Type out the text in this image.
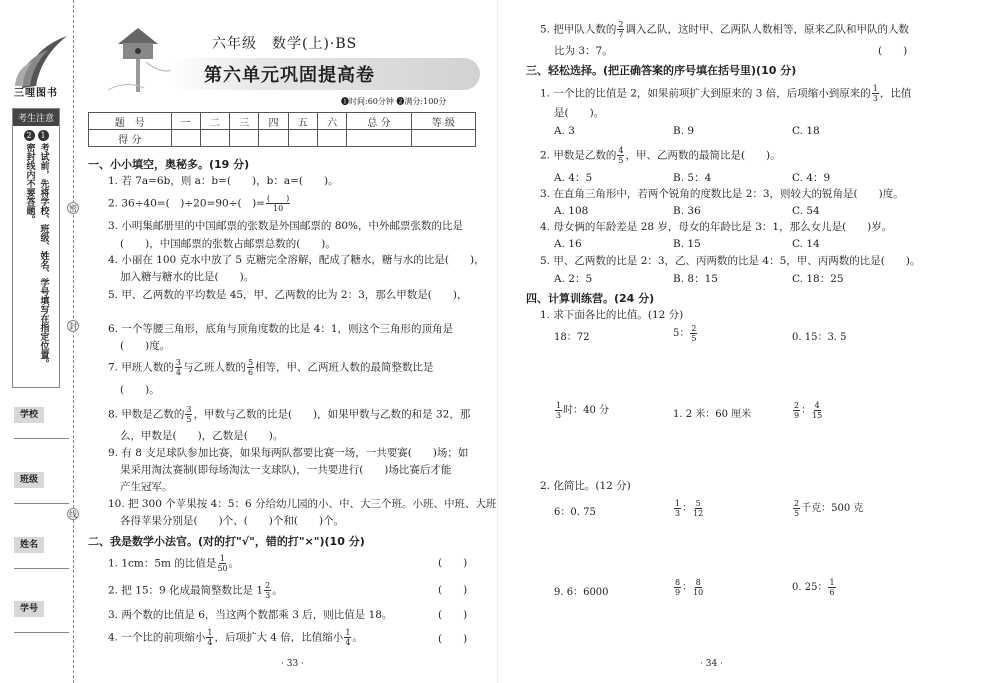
三哩图书
考生注意
1
考试前，先将学校、班级、姓名、学号填写在指定位置。
2
密封线内不要答题。	密
封
线
学校
班级
姓名
学号
六年级　数学(上)·BS
第六单元巩固提高卷
❶时间:60分钟 ❷满分:100分
题　号	一	二	三	四	五	六	总 分	等 级
得 分								
一、小小填空，奥秘多。(19 分)
1. 若 7a=6b，则 a：b=(　　)，b：a=(　　)。
2. 36÷40=(　)÷20=90÷(　)= $\frac{( )}{10}$
3. 小明集邮册里的中国邮票的张数是外国邮票的 80%，中外邮票张数的比是
(　　)，中国邮票的张数占邮票总数的(　　)。
4. 小丽在 100 克水中放了 5 克糖完全溶解，配成了糖水，糖与水的比是(　　)，
加入糖与糖水的比是(　　)。
5. 甲、乙两数的平均数是 45，甲、乙两数的比为 2：3，那么甲数是(　　)，
6. 一个等腰三角形，底角与顶角度数的比是 4：1，则这个三角形的顶角是
(　　)度。
7. 甲班人数的 $\frac{3}{4}$ 与乙班人数的 $\frac{5}{6}$ 相等，甲、乙两班人数的最简整数比是
(　　)。
8. 甲数是乙数的 $\frac{3}{5}$ ，甲数与乙数的比是(　　)，如果甲数与乙数的和是 32，那
么，甲数是(　　)，乙数是(　　)。
9. 有 8 支足球队参加比赛，如果每两队都要比赛一场，一共要赛(　　)场；如
果采用淘汰赛制(即每场淘汰一支球队)，一共要进行(　　)场比赛后才能
产生冠军。
10. 把 300 个苹果按 4：5：6 分给幼儿园的小、中、大三个班。小班、中班、大班
各得苹果分别是(　　)个、(　　)个和(　　)个。
二、我是数学小法官。(对的打"√"，错的打"×")(10 分)
1. 1cm：5m 的比值是 $\frac{1}{50}$ 。	(　　)
2. 把 15：9 化成最简整数比是 $1 \frac{2}{3}$ 。	(　　)
3. 两个数的比值是 6，当这两个数都乘 3 后，则比值是 18。	(　　)
4. 一个比的前项缩小 $\frac{1}{4}$ ，后项扩大 4 倍，比值缩小 $\frac{1}{4}$ 。	(　　)
· 33 ·
5. 把甲队人数的 $\frac{2}{7}$ 调入乙队，这时甲、乙两队人数相等，原来乙队和甲队的人数
比为 3：7。	(　　)
三、轻松选择。(把正确答案的序号填在括号里)(10 分)
1. 一个比的比值是 2，如果前项扩大到原来的 3 倍，后项缩小到原来的 $\frac{1}{3}$ ，比值
是(　　)。
A. 3	B. 9	C. 18
2. 甲数是乙数的 $\frac{4}{5}$ ，甲、乙两数的最简比是(　　)。
A. 4：5	B. 5：4	C. 4：9
3. 在直角三角形中，若两个锐角的度数比是 2：3，则较大的锐角是(　　)度。
A. 108	B. 36	C. 54
4. 母女俩的年龄差是 28 岁，母女的年龄比是 3：1，那么女儿是(　　)岁。
A. 16	B. 15	C. 14
5. 甲、乙两数的比是 2：3，乙、丙两数的比是 4：5，甲、丙两数的比是(　　)。
A. 2：5	B. 8：15	C. 18：25
四、计算训练营。(24 分)
1. 求下面各比的比值。(12 分)
18：72	5： $\frac{2}{5}$	0. 15：3. 5
$\frac{1}{3}$ 时：40 分	1. 2 米：60 厘米	$\frac{2}{9}$ ： $\frac{4}{15}$
2. 化简比。(12 分)
6：0. 75	$\frac{1}{3}$ ： $\frac{5}{12}$	$\frac{2}{5}$ 千克：500 克
9. 6：6000	$\frac{8}{9}$ ： $\frac{8}{10}$	0. 25： $\frac{1}{6}$
· 34 ·
